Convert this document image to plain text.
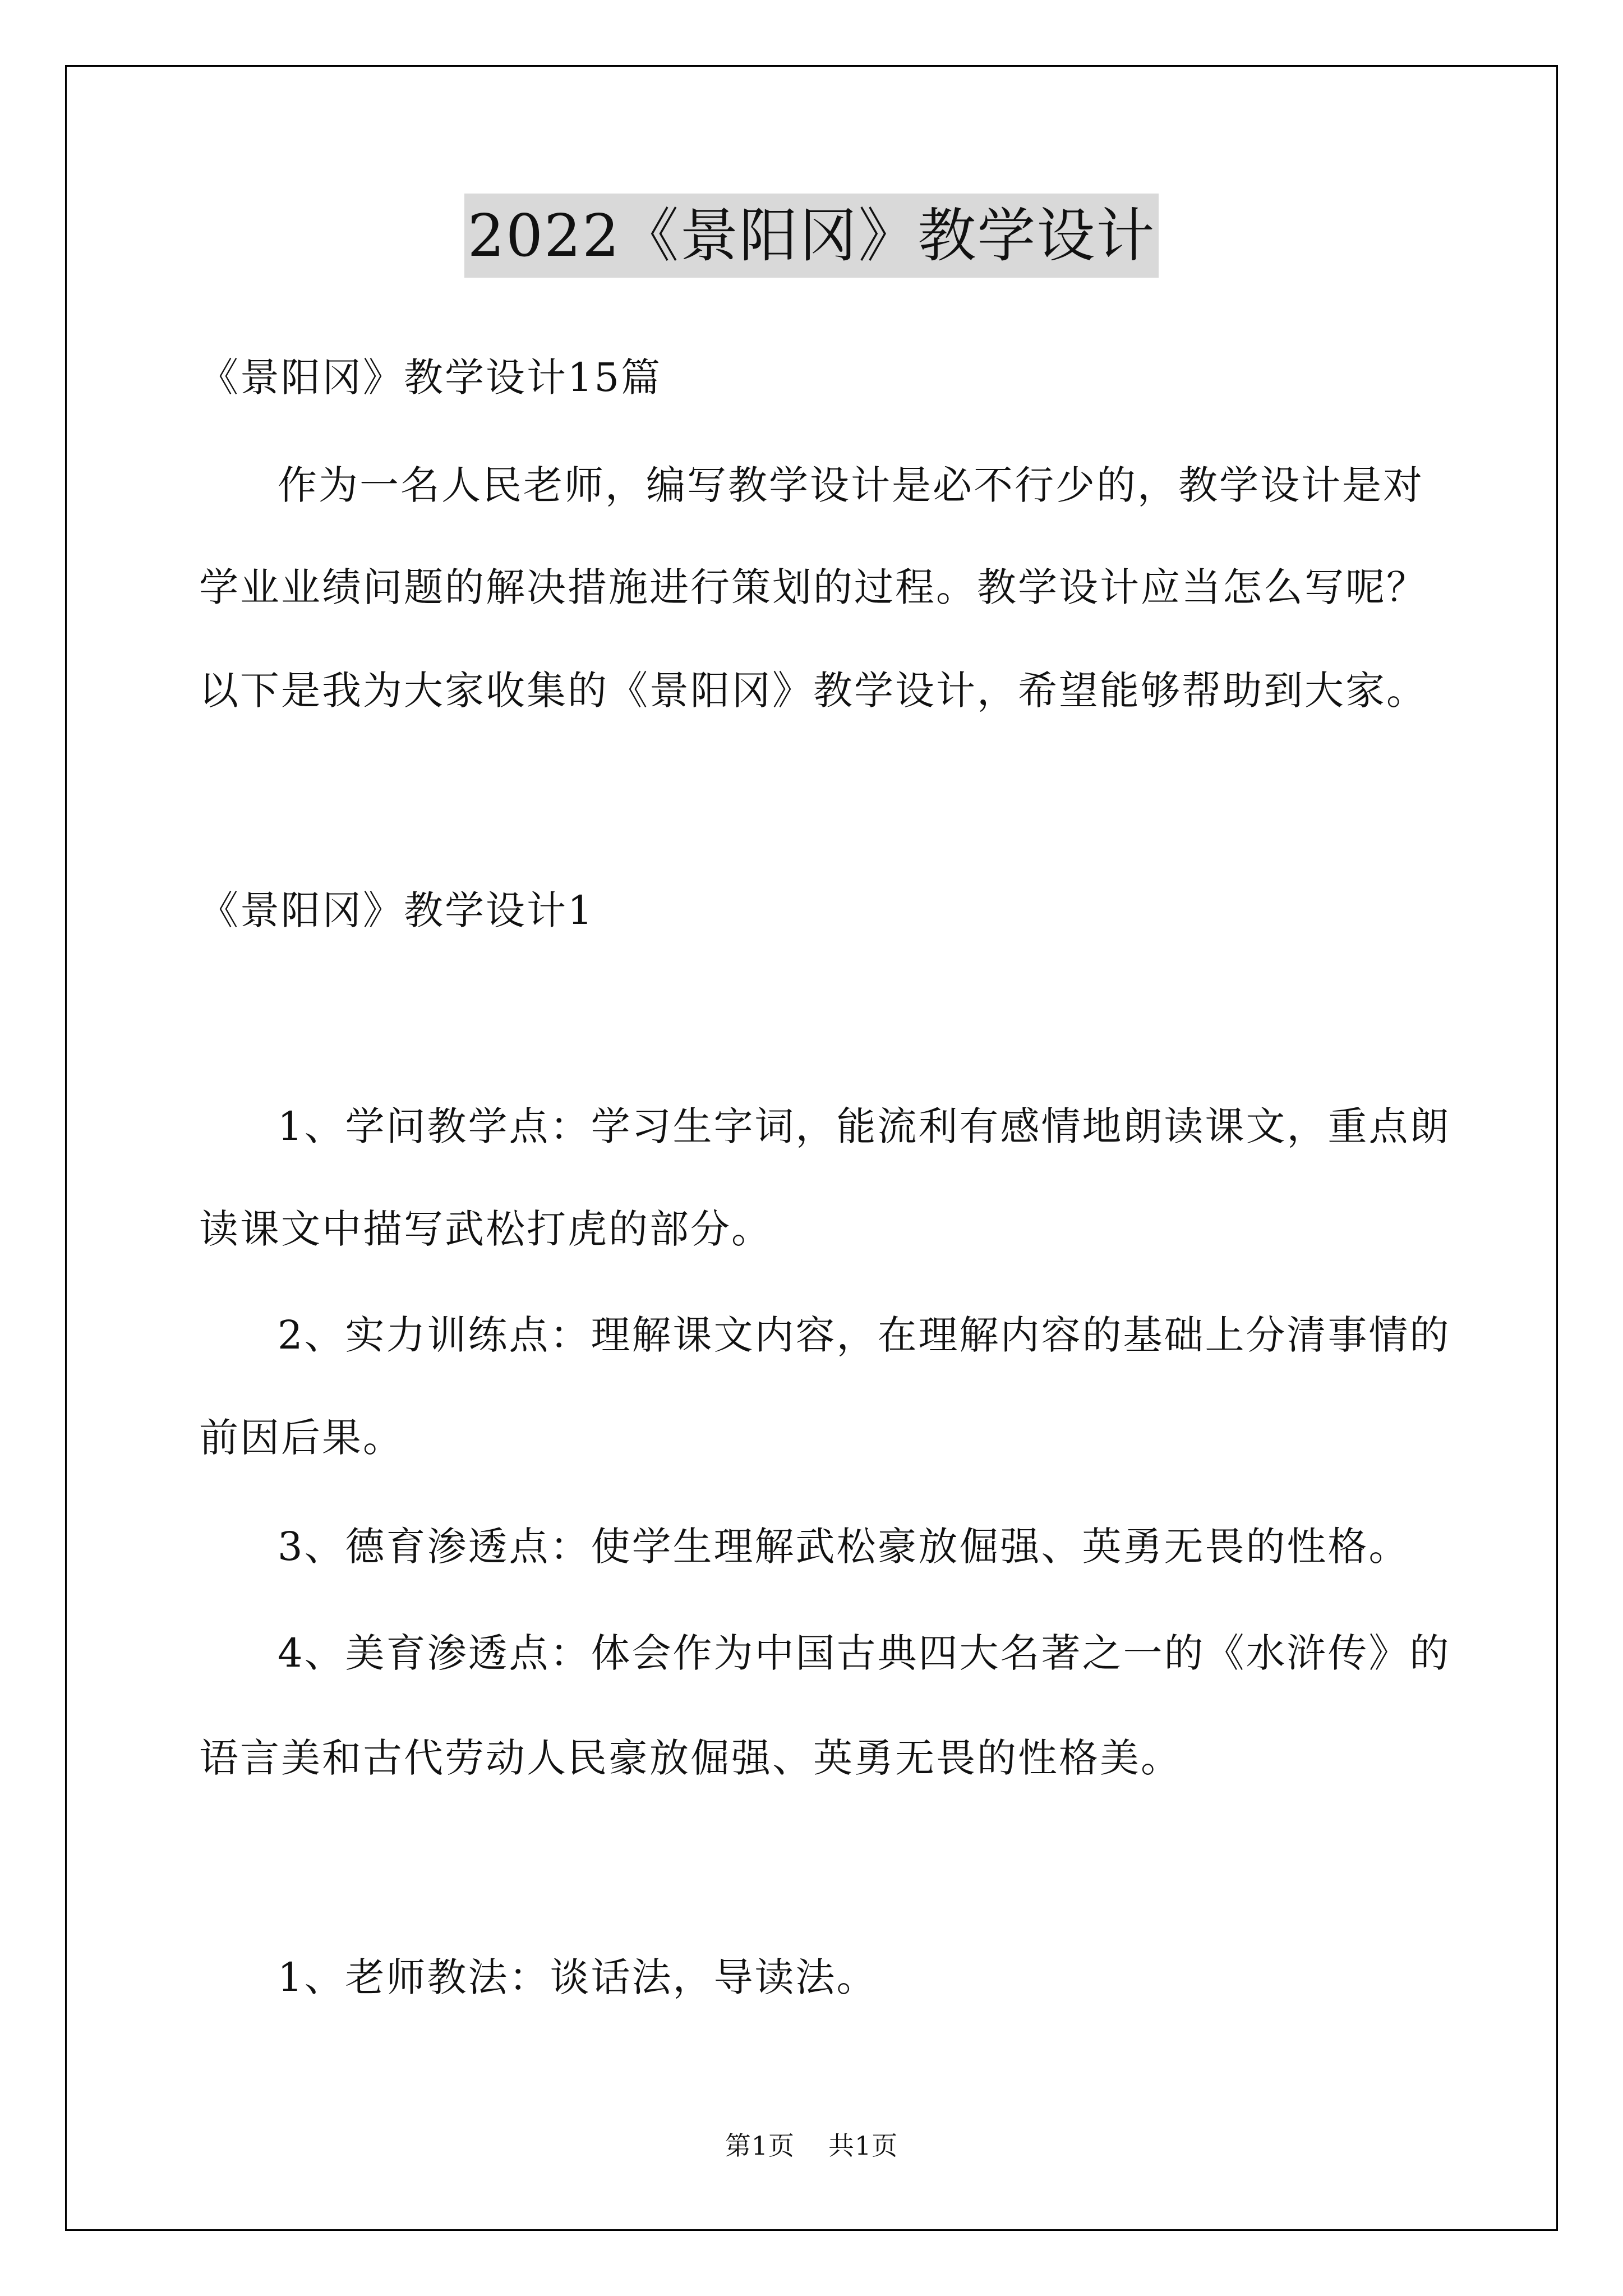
2022《景阳冈》教学设计
《景阳冈》教学设计15篇
作为一名人民老师，编写教学设计是必不行少的，教学设计是对
学业业绩问题的解决措施进行策划的过程。教学设计应当怎么写呢？
以下是我为大家收集的《景阳冈》教学设计，希望能够帮助到大家。
《景阳冈》教学设计1
1、学问教学点：学习生字词，能流利有感情地朗读课文，重点朗
读课文中描写武松打虎的部分。
2、实力训练点：理解课文内容，在理解内容的基础上分清事情的
前因后果。
3、德育渗透点：使学生理解武松豪放倔强、英勇无畏的性格。
4、美育渗透点：体会作为中国古典四大名著之一的《水浒传》的
语言美和古代劳动人民豪放倔强、英勇无畏的性格美。
1、老师教法：谈话法，导读法。
第1页 共1页
